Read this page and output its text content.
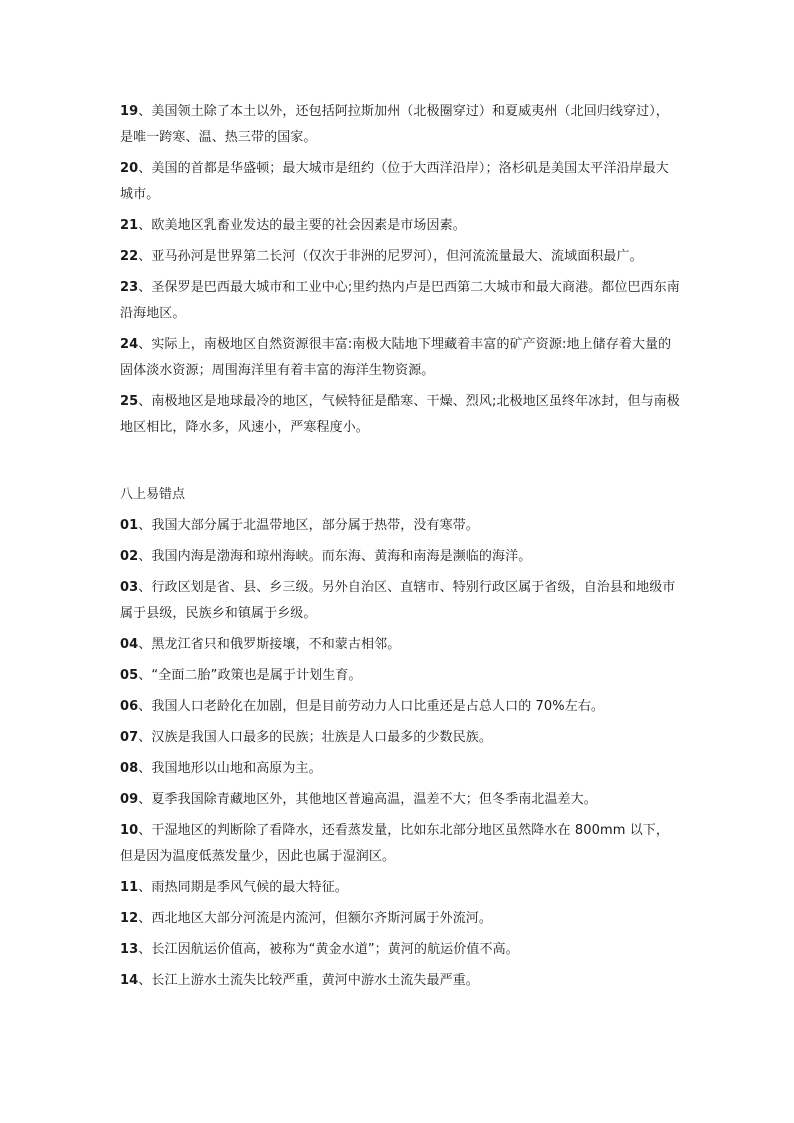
19、美国领土除了本土以外，还包括阿拉斯加州（北极圈穿过）和夏威夷州（北回归线穿过），是唯一跨寒、温、热三带的国家。

20、美国的首都是华盛顿；最大城市是纽约（位于大西洋沿岸）；洛杉矶是美国太平洋沿岸最大城市。

21、欧美地区乳畜业发达的最主要的社会因素是市场因素。

22、亚马孙河是世界第二长河（仅次于非洲的尼罗河），但河流流量最大、流域面积最广。

23、圣保罗是巴西最大城市和工业中心;里约热内卢是巴西第二大城市和最大商港。都位巴西东南沿海地区。

24、实际上，南极地区自然资源很丰富:南极大陆地下埋藏着丰富的矿产资源:地上储存着大量的固体淡水资源；周围海洋里有着丰富的海洋生物资源。

25、南极地区是地球最冷的地区，气候特征是酷寒、干燥、烈风;北极地区虽终年冰封，但与南极地区相比，降水多，风速小，严寒程度小。

八上易错点

01、我国大部分属于北温带地区，部分属于热带，没有寒带。

02、我国内海是渤海和琼州海峡。而东海、黄海和南海是濒临的海洋。

03、行政区划是省、县、乡三级。另外自治区、直辖市、特别行政区属于省级，自治县和地级市属于县级，民族乡和镇属于乡级。

04、黑龙江省只和俄罗斯接壤，不和蒙古相邻。

05、“全面二胎”政策也是属于计划生育。

06、我国人口老龄化在加剧，但是目前劳动力人口比重还是占总人口的 70%左右。

07、汉族是我国人口最多的民族；壮族是人口最多的少数民族。

08、我国地形以山地和高原为主。

09、夏季我国除青藏地区外，其他地区普遍高温，温差不大；但冬季南北温差大。

10、干湿地区的判断除了看降水，还看蒸发量，比如东北部分地区虽然降水在 800mm 以下，但是因为温度低蒸发量少，因此也属于湿润区。

11、雨热同期是季风气候的最大特征。

12、西北地区大部分河流是内流河，但额尔齐斯河属于外流河。

13、长江因航运价值高，被称为“黄金水道”；黄河的航运价值不高。

14、长江上游水土流失比较严重，黄河中游水土流失最严重。
